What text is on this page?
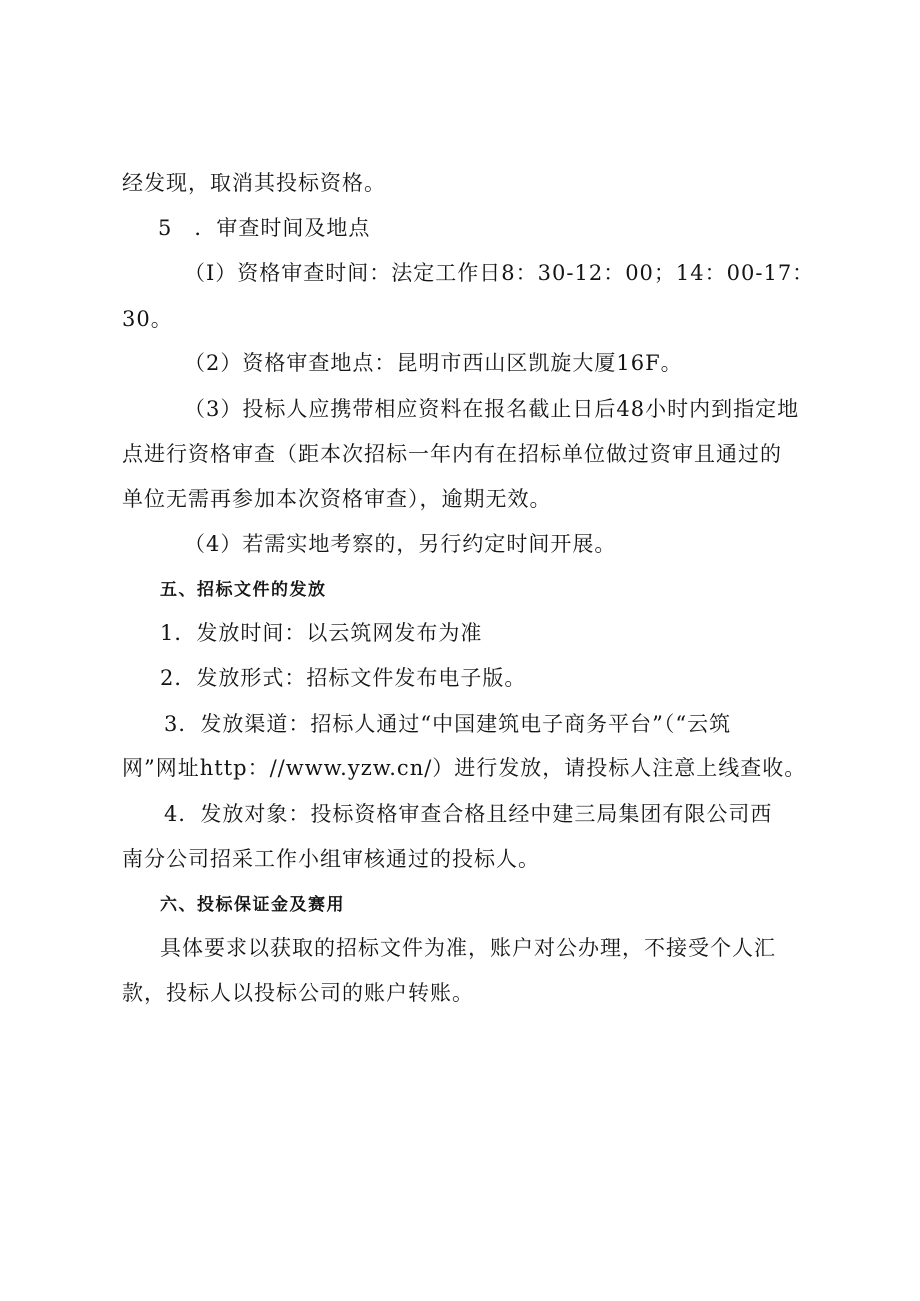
经发现，取消其投标资格。

5　．审查时间及地点

（I）资格审查时间：法定工作日8：30-12：00；14：00-17：

30。

（2）资格审查地点：昆明市西山区凯旋大厦16F。

（3）投标人应携带相应资料在报名截止日后48小时内到指定地

点进行资格审查（距本次招标一年内有在招标单位做过资审且通过的

单位无需再参加本次资格审查），逾期无效。

（4）若需实地考察的，另行约定时间开展。

五、招标文件的发放

1．发放时间：以云筑网发布为准

2．发放形式：招标文件发布电子版。

3．发放渠道：招标人通过“中国建筑电子商务平台”（“云筑

网”网址http：//www.yzw.cn/）进行发放，请投标人注意上线查收。

4．发放对象：投标资格审查合格且经中建三局集团有限公司西

南分公司招采工作小组审核通过的投标人。

六、投标保证金及赛用

具体要求以获取的招标文件为准，账户对公办理，不接受个人汇

款，投标人以投标公司的账户转账。
